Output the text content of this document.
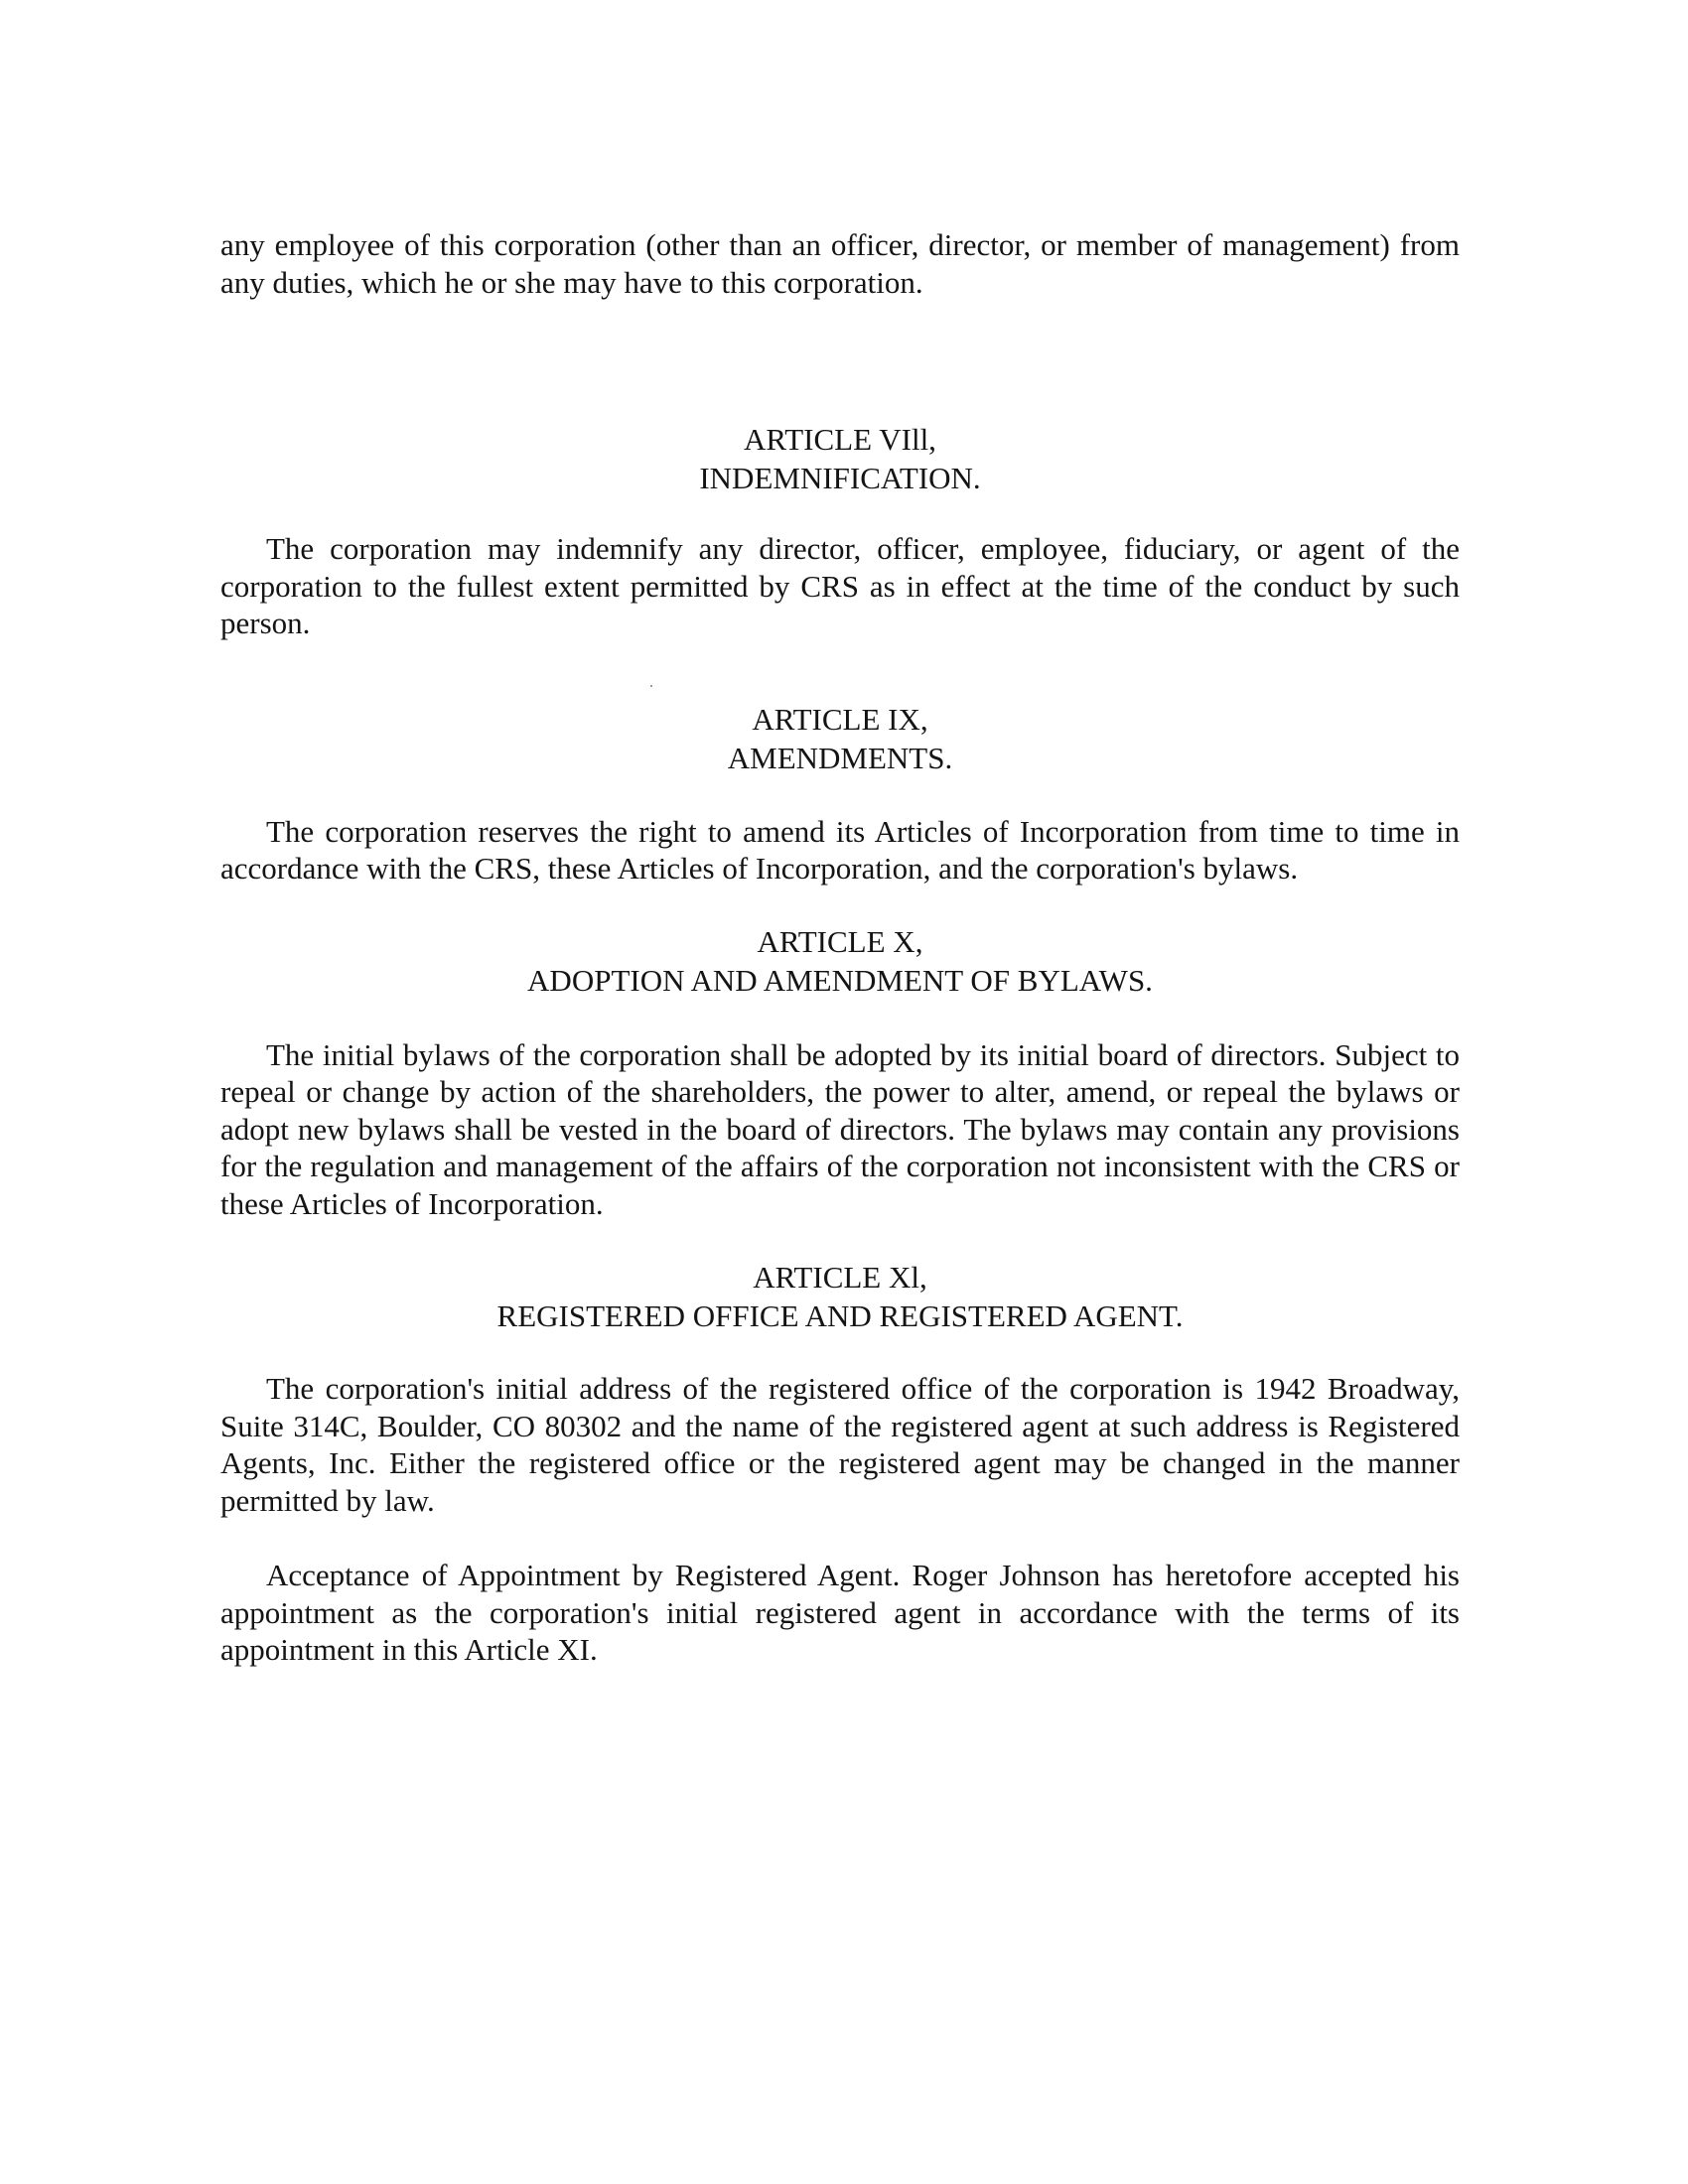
any employee of this corporation (other than an officer, director, or member of management) from any duties, which he or she may have to this corporation.

ARTICLE VIll,
INDEMNIFICATION.

The corporation may indemnify any director, officer, employee, fiduciary, or agent of the corporation to the fullest extent permitted by CRS as in effect at the time of the conduct by such person.

ARTICLE IX,
AMENDMENTS.

The corporation reserves the right to amend its Articles of Incorporation from time to time in accordance with the CRS, these Articles of Incorporation, and the corporation's bylaws.

ARTICLE X,
ADOPTION AND AMENDMENT OF BYLAWS.

The initial bylaws of the corporation shall be adopted by its initial board of directors. Subject to repeal or change by action of the shareholders, the power to alter, amend, or repeal the bylaws or adopt new bylaws shall be vested in the board of directors. The bylaws may contain any provisions for the regulation and management of the affairs of the corporation not inconsistent with the CRS or these Articles of Incorporation.

ARTICLE Xl,
REGISTERED OFFICE AND REGISTERED AGENT.

The corporation's initial address of the registered office of the corporation is 1942 Broadway, Suite 314C, Boulder, CO 80302 and the name of the registered agent at such address is Registered Agents, Inc. Either the registered office or the registered agent may be changed in the manner permitted by law.

Acceptance of Appointment by Registered Agent. Roger Johnson has heretofore accepted his appointment as the corporation's initial registered agent in accordance with the terms of its appointment in this Article XI.
